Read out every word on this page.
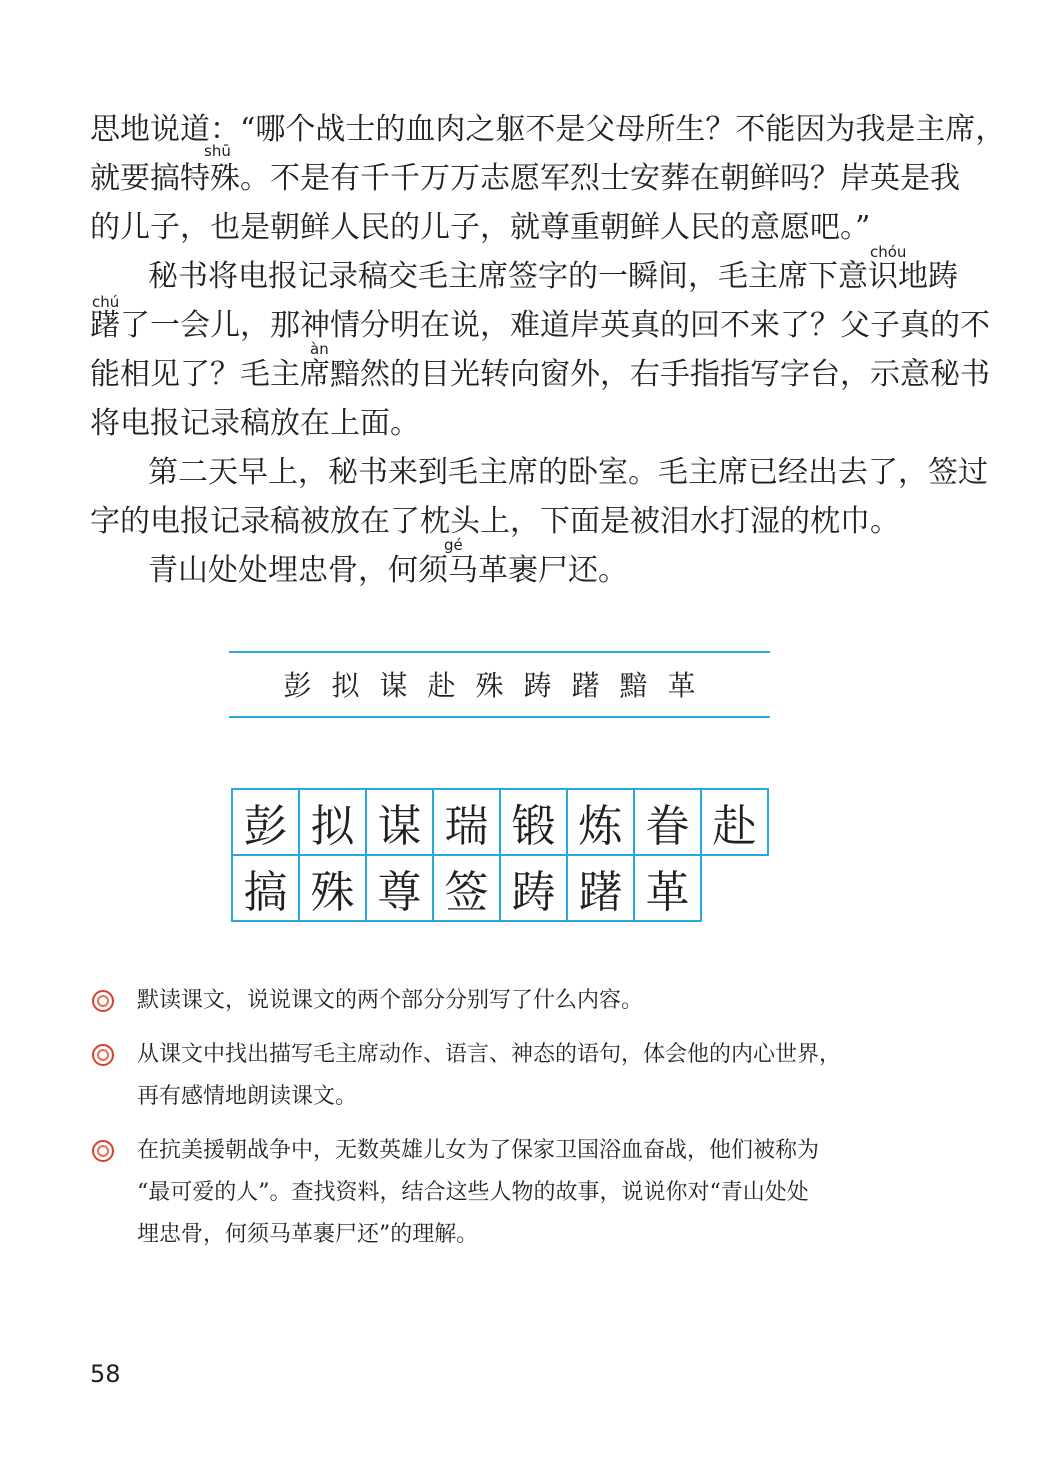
shū
chóu
chú
àn
gé
思地说道：“哪个战士的血肉之躯不是父母所生？不能因为我是主席，
就要搞特殊。不是有千千万万志愿军烈士安葬在朝鲜吗？岸英是我
的儿子，也是朝鲜人民的儿子，就尊重朝鲜人民的意愿吧。”
秘书将电报记录稿交毛主席签字的一瞬间，毛主席下意识地踌
躇了一会儿，那神情分明在说，难道岸英真的回不来了？父子真的不
能相见了？毛主席黯然的目光转向窗外，右手指指写字台，示意秘书
将电报记录稿放在上面。
第二天早上，秘书来到毛主席的卧室。毛主席已经出去了，签过
字的电报记录稿被放在了枕头上，下面是被泪水打湿的枕巾。
青山处处埋忠骨，何须马革裹尸还。
彭拟谋赴殊踌躇黯革
彭 拟 谋 瑞 锻 炼 眷 赴
搞 殊 尊 签 踌 躇 革
默读课文，说说课文的两个部分分别写了什么内容。
从课文中找出描写毛主席动作、语言、神态的语句，体会他的内心世界，
再有感情地朗读课文。
在抗美援朝战争中，无数英雄儿女为了保家卫国浴血奋战，他们被称为
“最可爱的人”。查找资料，结合这些人物的故事，说说你对“青山处处
埋忠骨，何须马革裹尸还”的理解。
58
